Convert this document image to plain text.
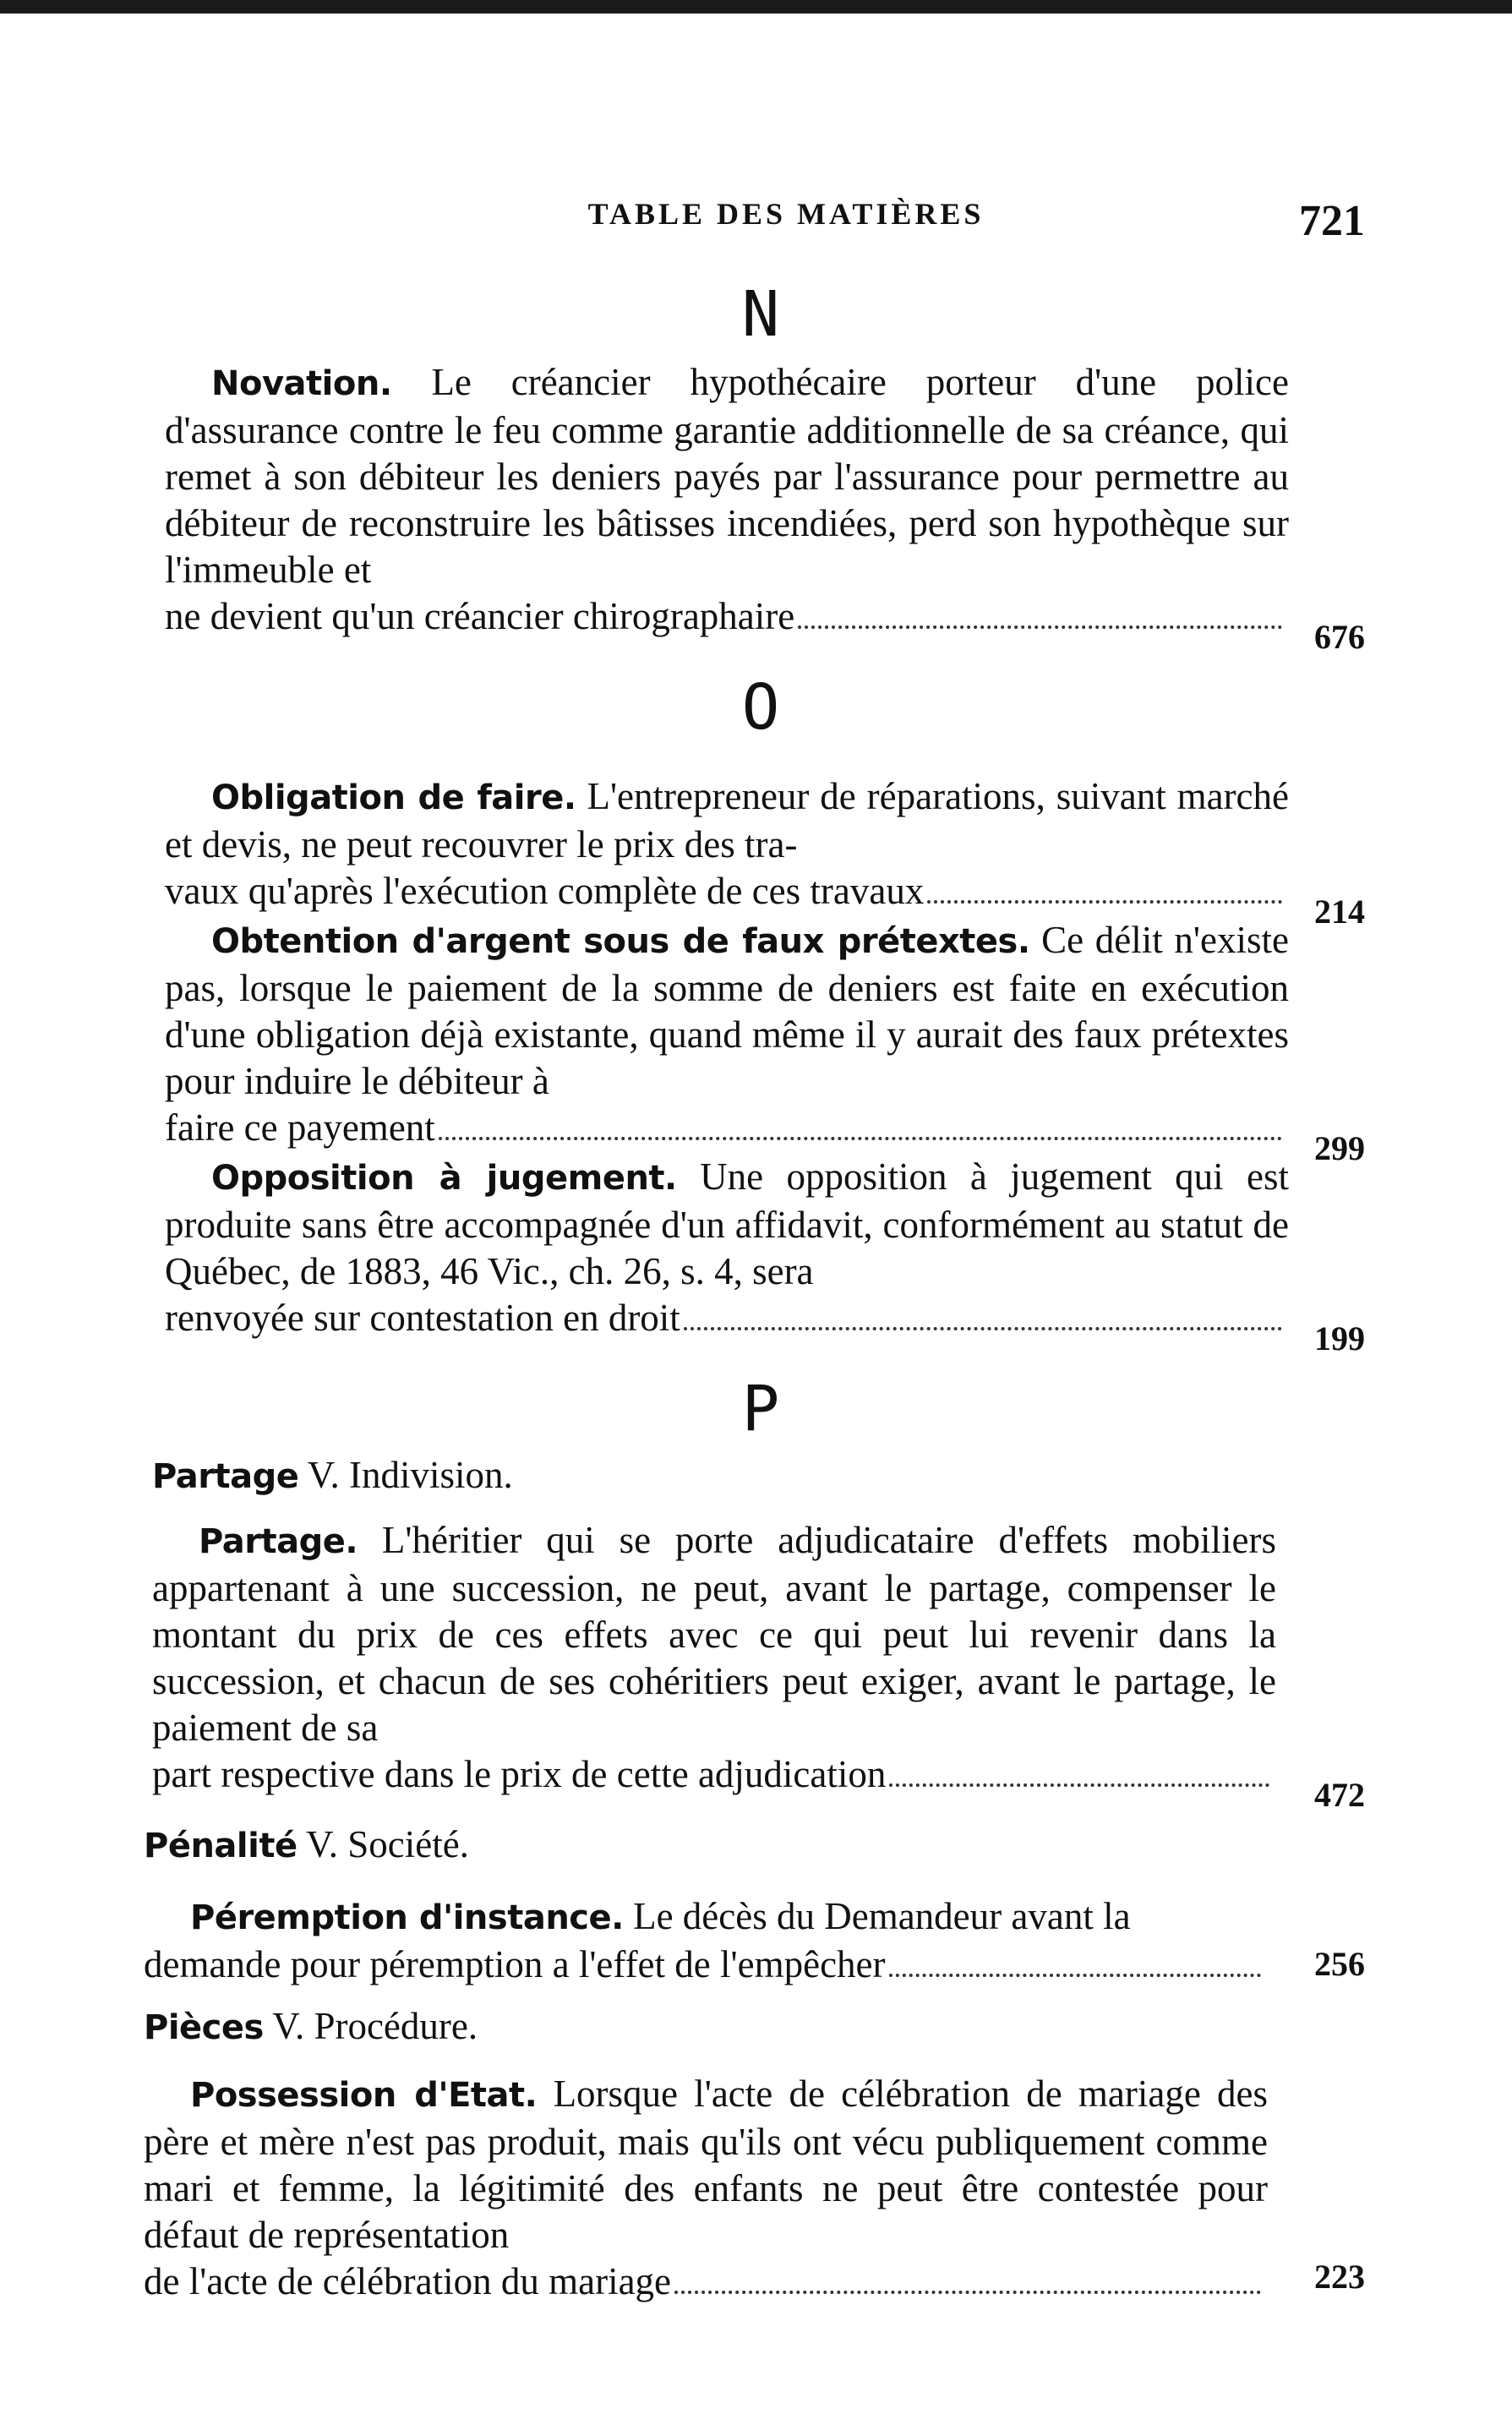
TABLE DES MATIÈRES	721
N

Novation. Le créancier hypothécaire porteur d'une police d'assurance contre le feu comme garantie additionnelle de sa créance, qui remet à son débiteur les deniers payés par l'assurance pour permettre au débiteur de reconstruire les bâtisses incendiées, perd son hypothèque sur l'immeuble et

ne devient qu'un créancier chirographaire	676
O

Obligation de faire. L'entrepreneur de réparations, suivant marché et devis, ne peut recouvrer le prix des tra-

vaux qu'après l'exécution complète de ces travaux	214

Obtention d'argent sous de faux prétextes. Ce délit n'existe pas, lorsque le paiement de la somme de deniers est faite en exécution d'une obligation déjà existante, quand même il y aurait des faux prétextes pour induire le débiteur à

faire ce payement	299

Opposition à jugement. Une opposition à jugement qui est produite sans être accompagnée d'un affidavit, conformément au statut de Québec, de 1883, 46 Vic., ch. 26, s. 4, sera

renvoyée sur contestation en droit	199
P

Partage V. Indivision.

Partage. L'héritier qui se porte adjudicataire d'effets mobiliers appartenant à une succession, ne peut, avant le partage, compenser le montant du prix de ces effets avec ce qui peut lui revenir dans la succession, et chacun de ses cohéritiers peut exiger, avant le partage, le paiement de sa

part respective dans le prix de cette adjudication	472

Pénalité V. Société.

Péremption d'instance. Le décès du Demandeur avant la

demande pour péremption a l'effet de l'empêcher	256

Pièces V. Procédure.

Possession d'Etat. Lorsque l'acte de célébration de mariage des père et mère n'est pas produit, mais qu'ils ont vécu publiquement comme mari et femme, la légitimité des enfants ne peut être contestée pour défaut de représentation

de l'acte de célébration du mariage	223
